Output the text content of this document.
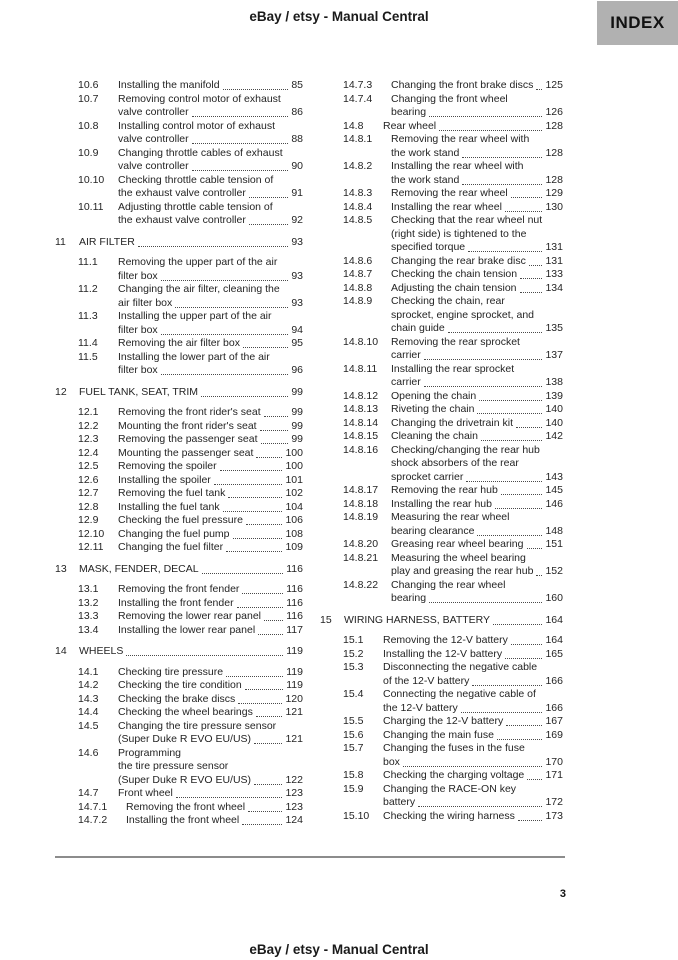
eBay / etsy - Manual Central	INDEX
10.6	Installing the manifold	85
10.7	Removing control motor of exhaust
valve controller	86
10.8	Installing control motor of exhaust
valve controller	88
10.9	Changing throttle cables of exhaust
valve controller	90
10.10	Checking throttle cable tension of
the exhaust valve controller	91
10.11	Adjusting throttle cable tension of
the exhaust valve controller	92
11	AIR FILTER	93
11.1	Removing the upper part of the air
filter box	93
11.2	Changing the air filter, cleaning the
air filter box	93
11.3	Installing the upper part of the air
filter box	94
11.4	Removing the air filter box	95
11.5	Installing the lower part of the air
filter box	96
12	FUEL TANK, SEAT, TRIM	99
12.1	Removing the front rider's seat	99
12.2	Mounting the front rider's seat	99
12.3	Removing the passenger seat	99
12.4	Mounting the passenger seat	100
12.5	Removing the spoiler	100
12.6	Installing the spoiler	101
12.7	Removing the fuel tank	102
12.8	Installing the fuel tank	104
12.9	Checking the fuel pressure	106
12.10	Changing the fuel pump	108
12.11	Changing the fuel filter	109
13	MASK, FENDER, DECAL	116
13.1	Removing the front fender	116
13.2	Installing the front fender	116
13.3	Removing the lower rear panel 116
13.4	Installing the lower rear panel	117
14	WHEELS	119
14.1	Checking tire pressure	119
14.2	Checking the tire condition	119
14.3	Checking the brake discs	120
14.4	Checking the wheel bearings	121
14.5	Changing the tire pressure sensor
(Super Duke R EVO EU/US)	121
14.6	Programming
the tire pressure sensor
(Super Duke R EVO EU/US)	122
14.7	Front wheel	123
14.7.1	Removing the front wheel	123
14.7.2	Installing the front wheel	124
14.7.3	Changing the front brake discs 125
14.7.4	Changing the front wheel
bearing	126
14.8	Rear wheel	128
14.8.1	Removing the rear wheel with
the work stand	128
14.8.2	Installing the rear wheel with
the work stand	128
14.8.3	Removing the rear wheel	129
14.8.4	Installing the rear wheel	130
14.8.5	Checking that the rear wheel nut
(right side) is tightened to the
specified torque	131
14.8.6	Changing the rear brake disc 131
14.8.7	Checking the chain tension	133
14.8.8	Adjusting the chain tension	134
14.8.9	Checking the chain, rear
sprocket, engine sprocket, and
chain guide	135
14.8.10	Removing the rear sprocket
carrier	137
14.8.11	Installing the rear sprocket
carrier	138
14.8.12	Opening the chain	139
14.8.13	Riveting the chain	140
14.8.14	Changing the drivetrain kit	140
14.8.15	Cleaning the chain	142
14.8.16	Checking/changing the rear hub
shock absorbers of the rear
sprocket carrier	143
14.8.17	Removing the rear hub	145
14.8.18	Installing the rear hub	146
14.8.19	Measuring the rear wheel
bearing clearance	148
14.8.20	Greasing rear wheel bearing 151
14.8.21	Measuring the wheel bearing
play and greasing the rear hub 152
14.8.22	Changing the rear wheel
bearing	160
15	WIRING HARNESS, BATTERY	164
15.1	Removing the 12-V battery	164
15.2	Installing the 12-V battery	165
15.3	Disconnecting the negative cable
of the 12-V battery	166
15.4	Connecting the negative cable of
the 12-V battery	166
15.5	Charging the 12-V battery	167
15.6	Changing the main fuse	169
15.7	Changing the fuses in the fuse
box	170
15.8	Checking the charging voltage 171
15.9	Changing the RACE-ON key
battery	172
15.10	Checking the wiring harness	173
3
eBay / etsy - Manual Central
